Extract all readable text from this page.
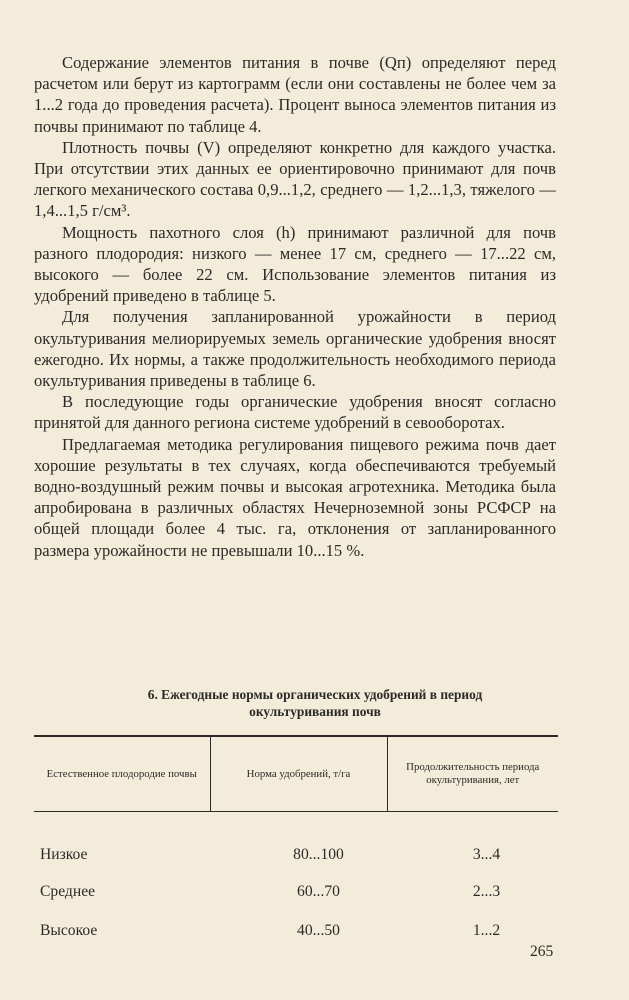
Содержание элементов питания в почве (Qп) определяют перед расчетом или берут из картограмм (если они составлены не более чем за 1...2 года до проведения расчета). Процент выноса элементов питания из почвы принимают по таблице 4.

Плотность почвы (V) определяют конкретно для каждого участка. При отсутствии этих данных ее ориентировочно принимают для почв легкого механического состава 0,9...1,2, среднего — 1,2...1,3, тяжелого — 1,4...1,5 г/см³.

Мощность пахотного слоя (h) принимают различной для почв разного плодородия: низкого — менее 17 см, среднего — 17...22 см, высокого — более 22 см. Использование элементов питания из удобрений приведено в таблице 5.

Для получения запланированной урожайности в период окультуривания мелиорируемых земель органические удобрения вносят ежегодно. Их нормы, а также продолжительность необходимого периода окультуривания приведены в таблице 6.

В последующие годы органические удобрения вносят согласно принятой для данного региона системе удобрений в севооборотах.

Предлагаемая методика регулирования пищевого режима почв дает хорошие результаты в тех случаях, когда обеспечиваются требуемый водно-воздушный режим почвы и высокая агротехника. Методика была апробирована в различных областях Нечерноземной зоны РСФСР на общей площади более 4 тыс. га, отклонения от запланированного размера урожайности не превышали 10...15 %.

6. Ежегодные нормы органических удобрений в период
окультуривания почв
Естественное плодородие почвы	Норма удобрений, т/га	Продолжительность периода окультуривания, лет
Низкое	80...100	3...4
Среднее	60...70	2...3
Высокое	40...50	1...2
265
